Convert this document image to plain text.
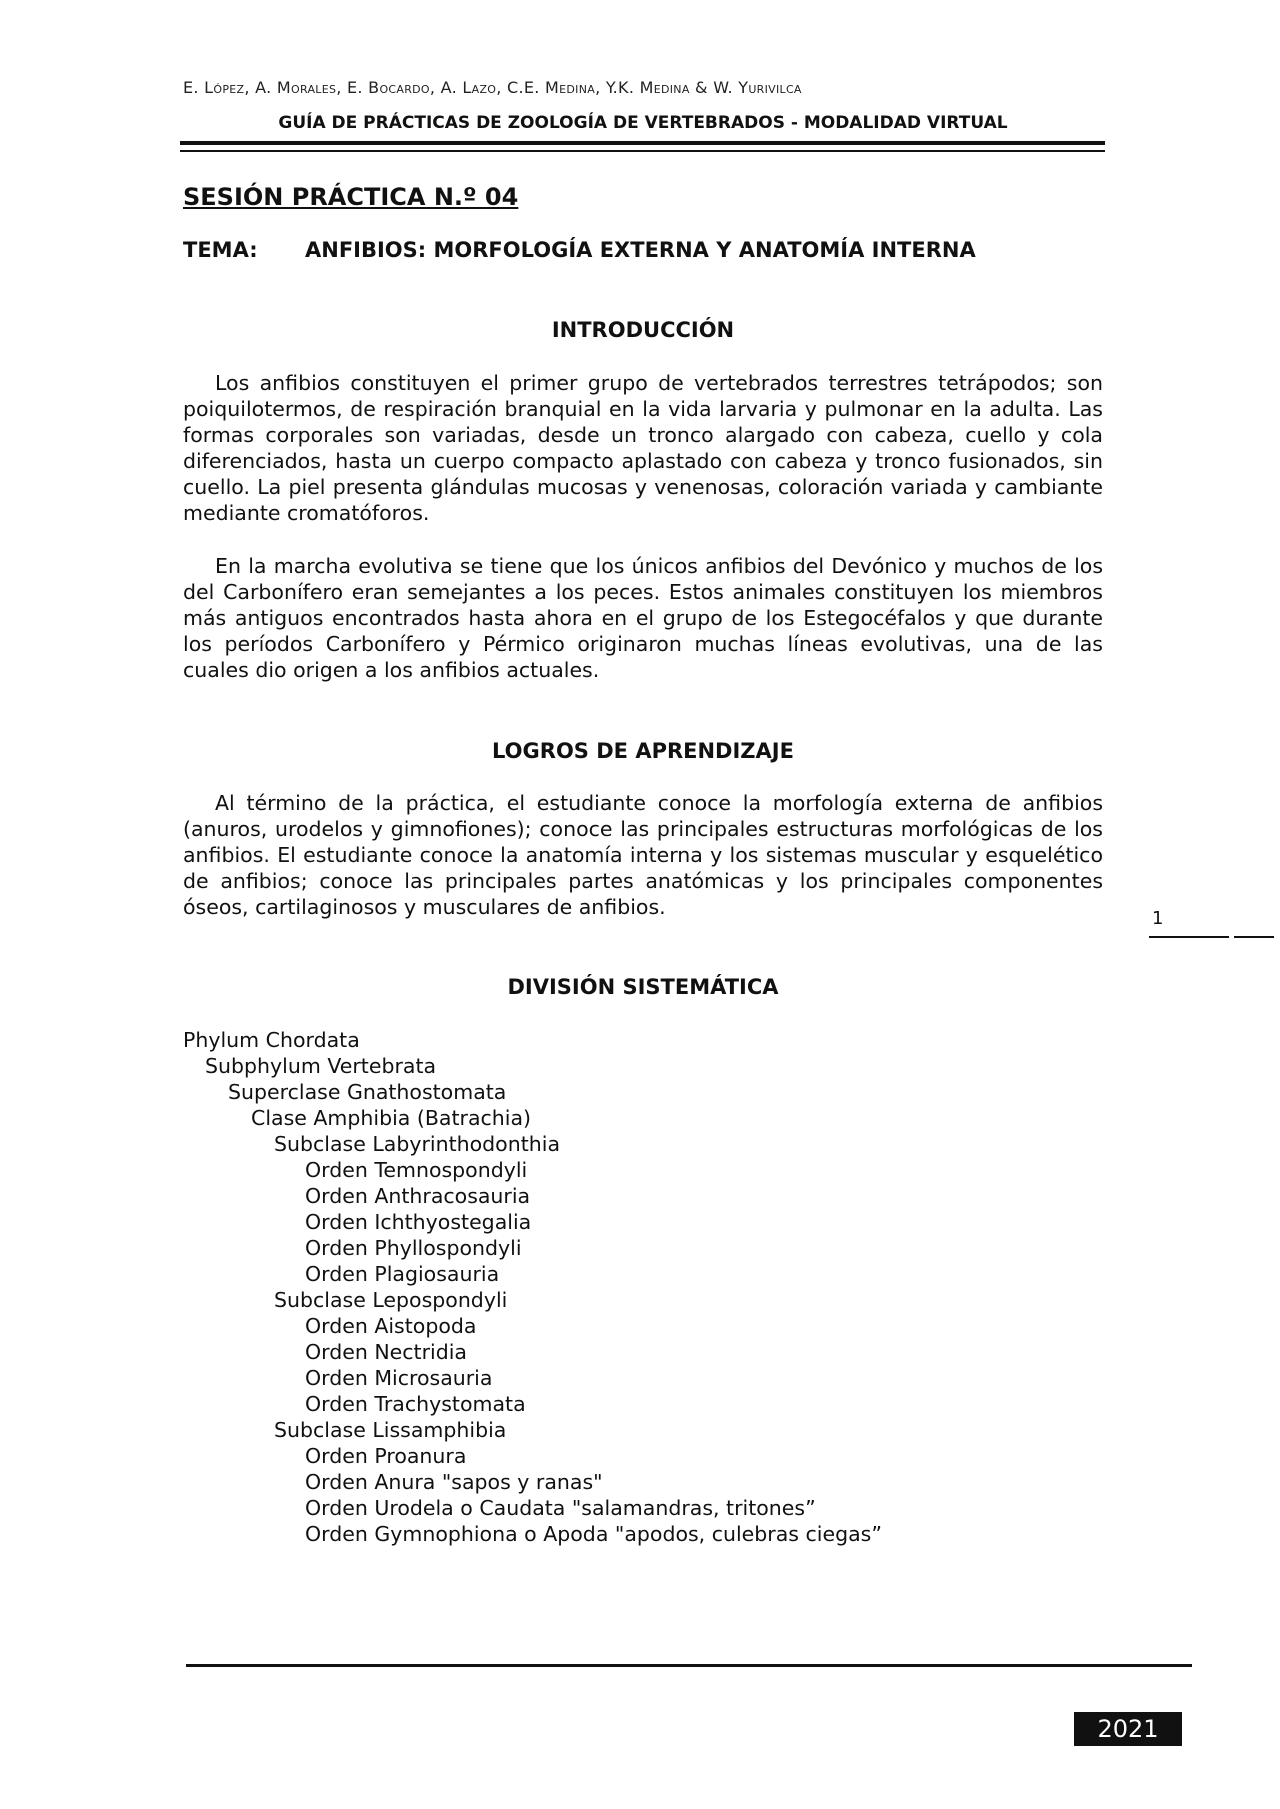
E. López, A. Morales, E. Bocardo, A. Lazo, C.E. Medina, Y.K. Medina & W. Yurivilca
GUÍA DE PRÁCTICAS DE ZOOLOGÍA DE VERTEBRADOS - MODALIDAD VIRTUAL
SESIÓN PRÁCTICA N.º 04
TEMA: ANFIBIOS: MORFOLOGÍA EXTERNA Y ANATOMÍA INTERNA
INTRODUCCIÓN

Los anfibios constituyen el primer grupo de vertebrados terrestres tetrápodos; son poiquilotermos, de respiración branquial en la vida larvaria y pulmonar en la adulta. Las formas corporales son variadas, desde un tronco alargado con cabeza, cuello y cola diferenciados, hasta un cuerpo compacto aplastado con cabeza y tronco fusionados, sin cuello. La piel presenta glándulas mucosas y venenosas, coloración variada y cambiante mediante cromatóforos.

En la marcha evolutiva se tiene que los únicos anfibios del Devónico y muchos de los del Carbonífero eran semejantes a los peces. Estos animales constituyen los miembros más antiguos encontrados hasta ahora en el grupo de los Estegocéfalos y que durante los períodos Carbonífero y Pérmico originaron muchas líneas evolutivas, una de las cuales dio origen a los anfibios actuales.

LOGROS DE APRENDIZAJE

Al término de la práctica, el estudiante conoce la morfología externa de anfibios (anuros, urodelos y gimnofiones); conoce las principales estructuras morfológicas de los anfibios. El estudiante conoce la anatomía interna y los sistemas muscular y esquelético de anfibios; conoce las principales partes anatómicas y los principales componentes óseos, cartilaginosos y musculares de anfibios.	1
DIVISIÓN SISTEMÁTICA
Phylum Chordata
Subphylum Vertebrata
Superclase Gnathostomata
Clase Amphibia (Batrachia)
Subclase Labyrinthodonthia
Orden Temnospondyli
Orden Anthracosauria
Orden Ichthyostegalia
Orden Phyllospondyli
Orden Plagiosauria
Subclase Lepospondyli
Orden Aistopoda
Orden Nectridia
Orden Microsauria
Orden Trachystomata
Subclase Lissamphibia
Orden Proanura
Orden Anura "sapos y ranas"
Orden Urodela o Caudata "salamandras, tritones”
Orden Gymnophiona o Apoda "apodos, culebras ciegas”
2021
